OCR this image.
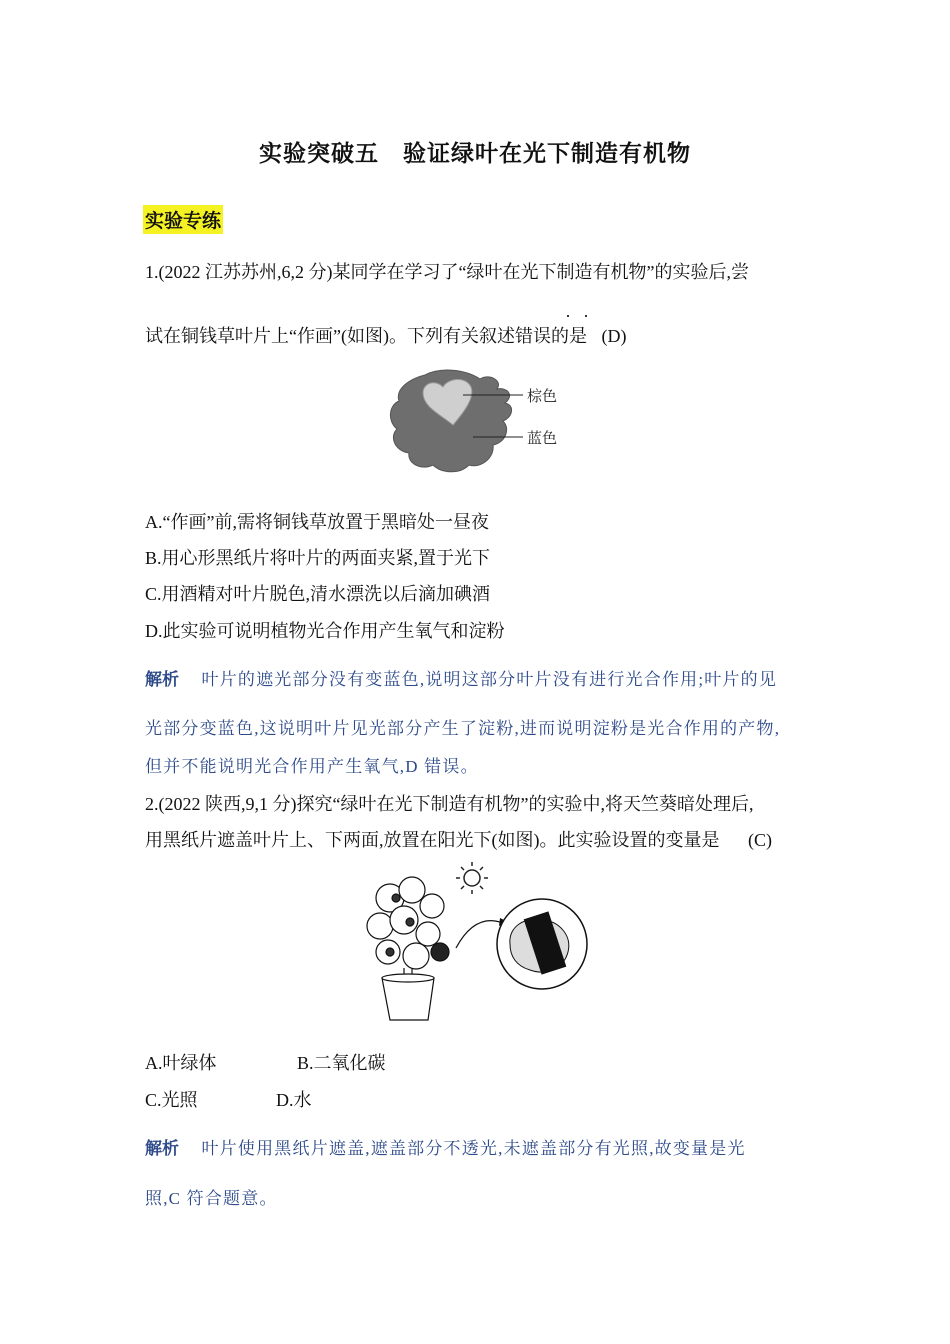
实验突破五　验证绿叶在光下制造有机物
实验专练
1.(2022 江苏苏州,6,2 分)某同学在学习了“绿叶在光下制造有机物”的实验后,尝
··
试在铜钱草叶片上“作画”(如图)。下列有关叙述错误的是 (D)
棕色
蓝色
A.“作画”前,需将铜钱草放置于黑暗处一昼夜
B.用心形黑纸片将叶片的两面夹紧,置于光下
C.用酒精对叶片脱色,清水漂洗以后滴加碘酒
D.此实验可说明植物光合作用产生氧气和淀粉
解析 叶片的遮光部分没有变蓝色,说明这部分叶片没有进行光合作用;叶片的见
光部分变蓝色,这说明叶片见光部分产生了淀粉,进而说明淀粉是光合作用的产物,
但并不能说明光合作用产生氧气,D 错误。
2.(2022 陕西,9,1 分)探究“绿叶在光下制造有机物”的实验中,将天竺葵暗处理后,
用黑纸片遮盖叶片上、下两面,放置在阳光下(如图)。此实验设置的变量是 (C)
A.叶绿体	B.二氧化碳
C.光照	D.水
解析 叶片使用黑纸片遮盖,遮盖部分不透光,未遮盖部分有光照,故变量是光
照,C 符合题意。
